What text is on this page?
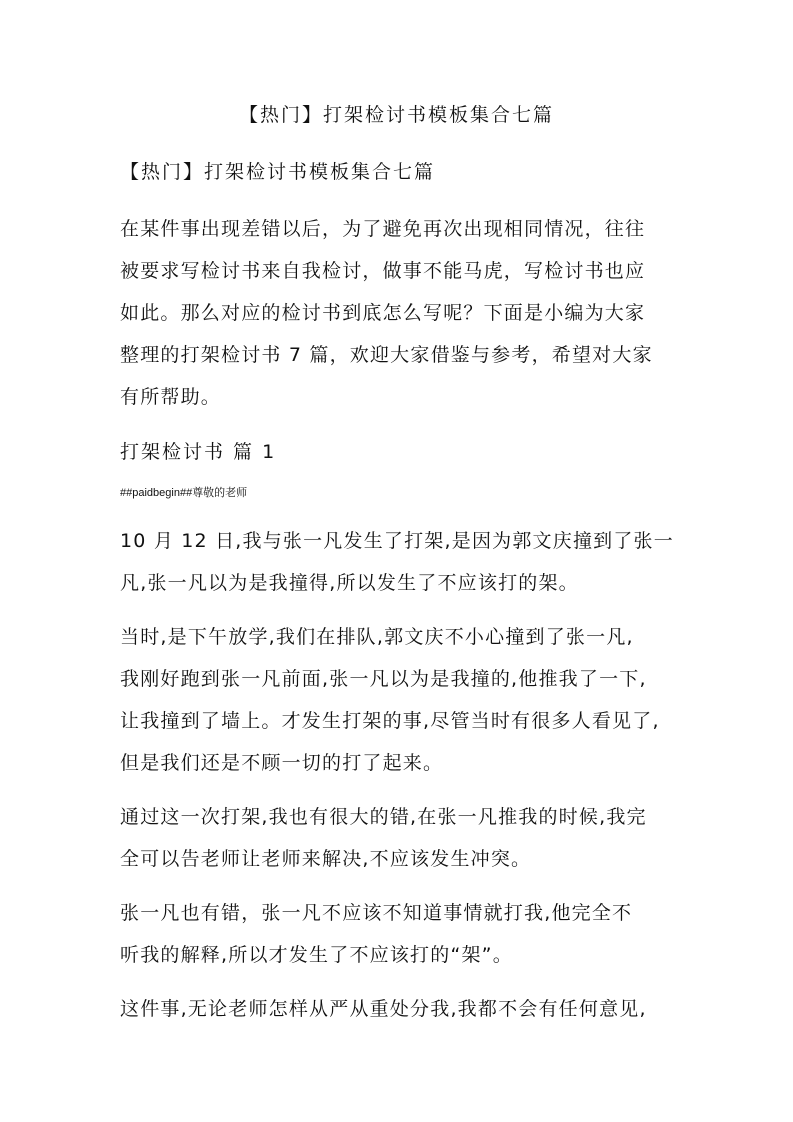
【热门】打架检讨书模板集合七篇
【热门】打架检讨书模板集合七篇

在某件事出现差错以后，为了避免再次出现相同情况，往往

被要求写检讨书来自我检讨，做事不能马虎，写检讨书也应

如此。那么对应的检讨书到底怎么写呢？下面是小编为大家

整理的打架检讨书 7 篇，欢迎大家借鉴与参考，希望对大家

有所帮助。

打架检讨书 篇 1

##paidbegin##尊敬的老师

10 月 12 日,我与张一凡发生了打架,是因为郭文庆撞到了张一

凡,张一凡以为是我撞得,所以发生了不应该打的架。

当时,是下午放学,我们在排队,郭文庆不小心撞到了张一凡,

我刚好跑到张一凡前面,张一凡以为是我撞的,他推我了一下,

让我撞到了墙上。才发生打架的事,尽管当时有很多人看见了,

但是我们还是不顾一切的打了起来。

通过这一次打架,我也有很大的错,在张一凡推我的时候,我完

全可以告老师让老师来解决,不应该发生冲突。

张一凡也有错，张一凡不应该不知道事情就打我,他完全不

听我的解释,所以才发生了不应该打的“架”。

这件事,无论老师怎样从严从重处分我,我都不会有任何意见,
